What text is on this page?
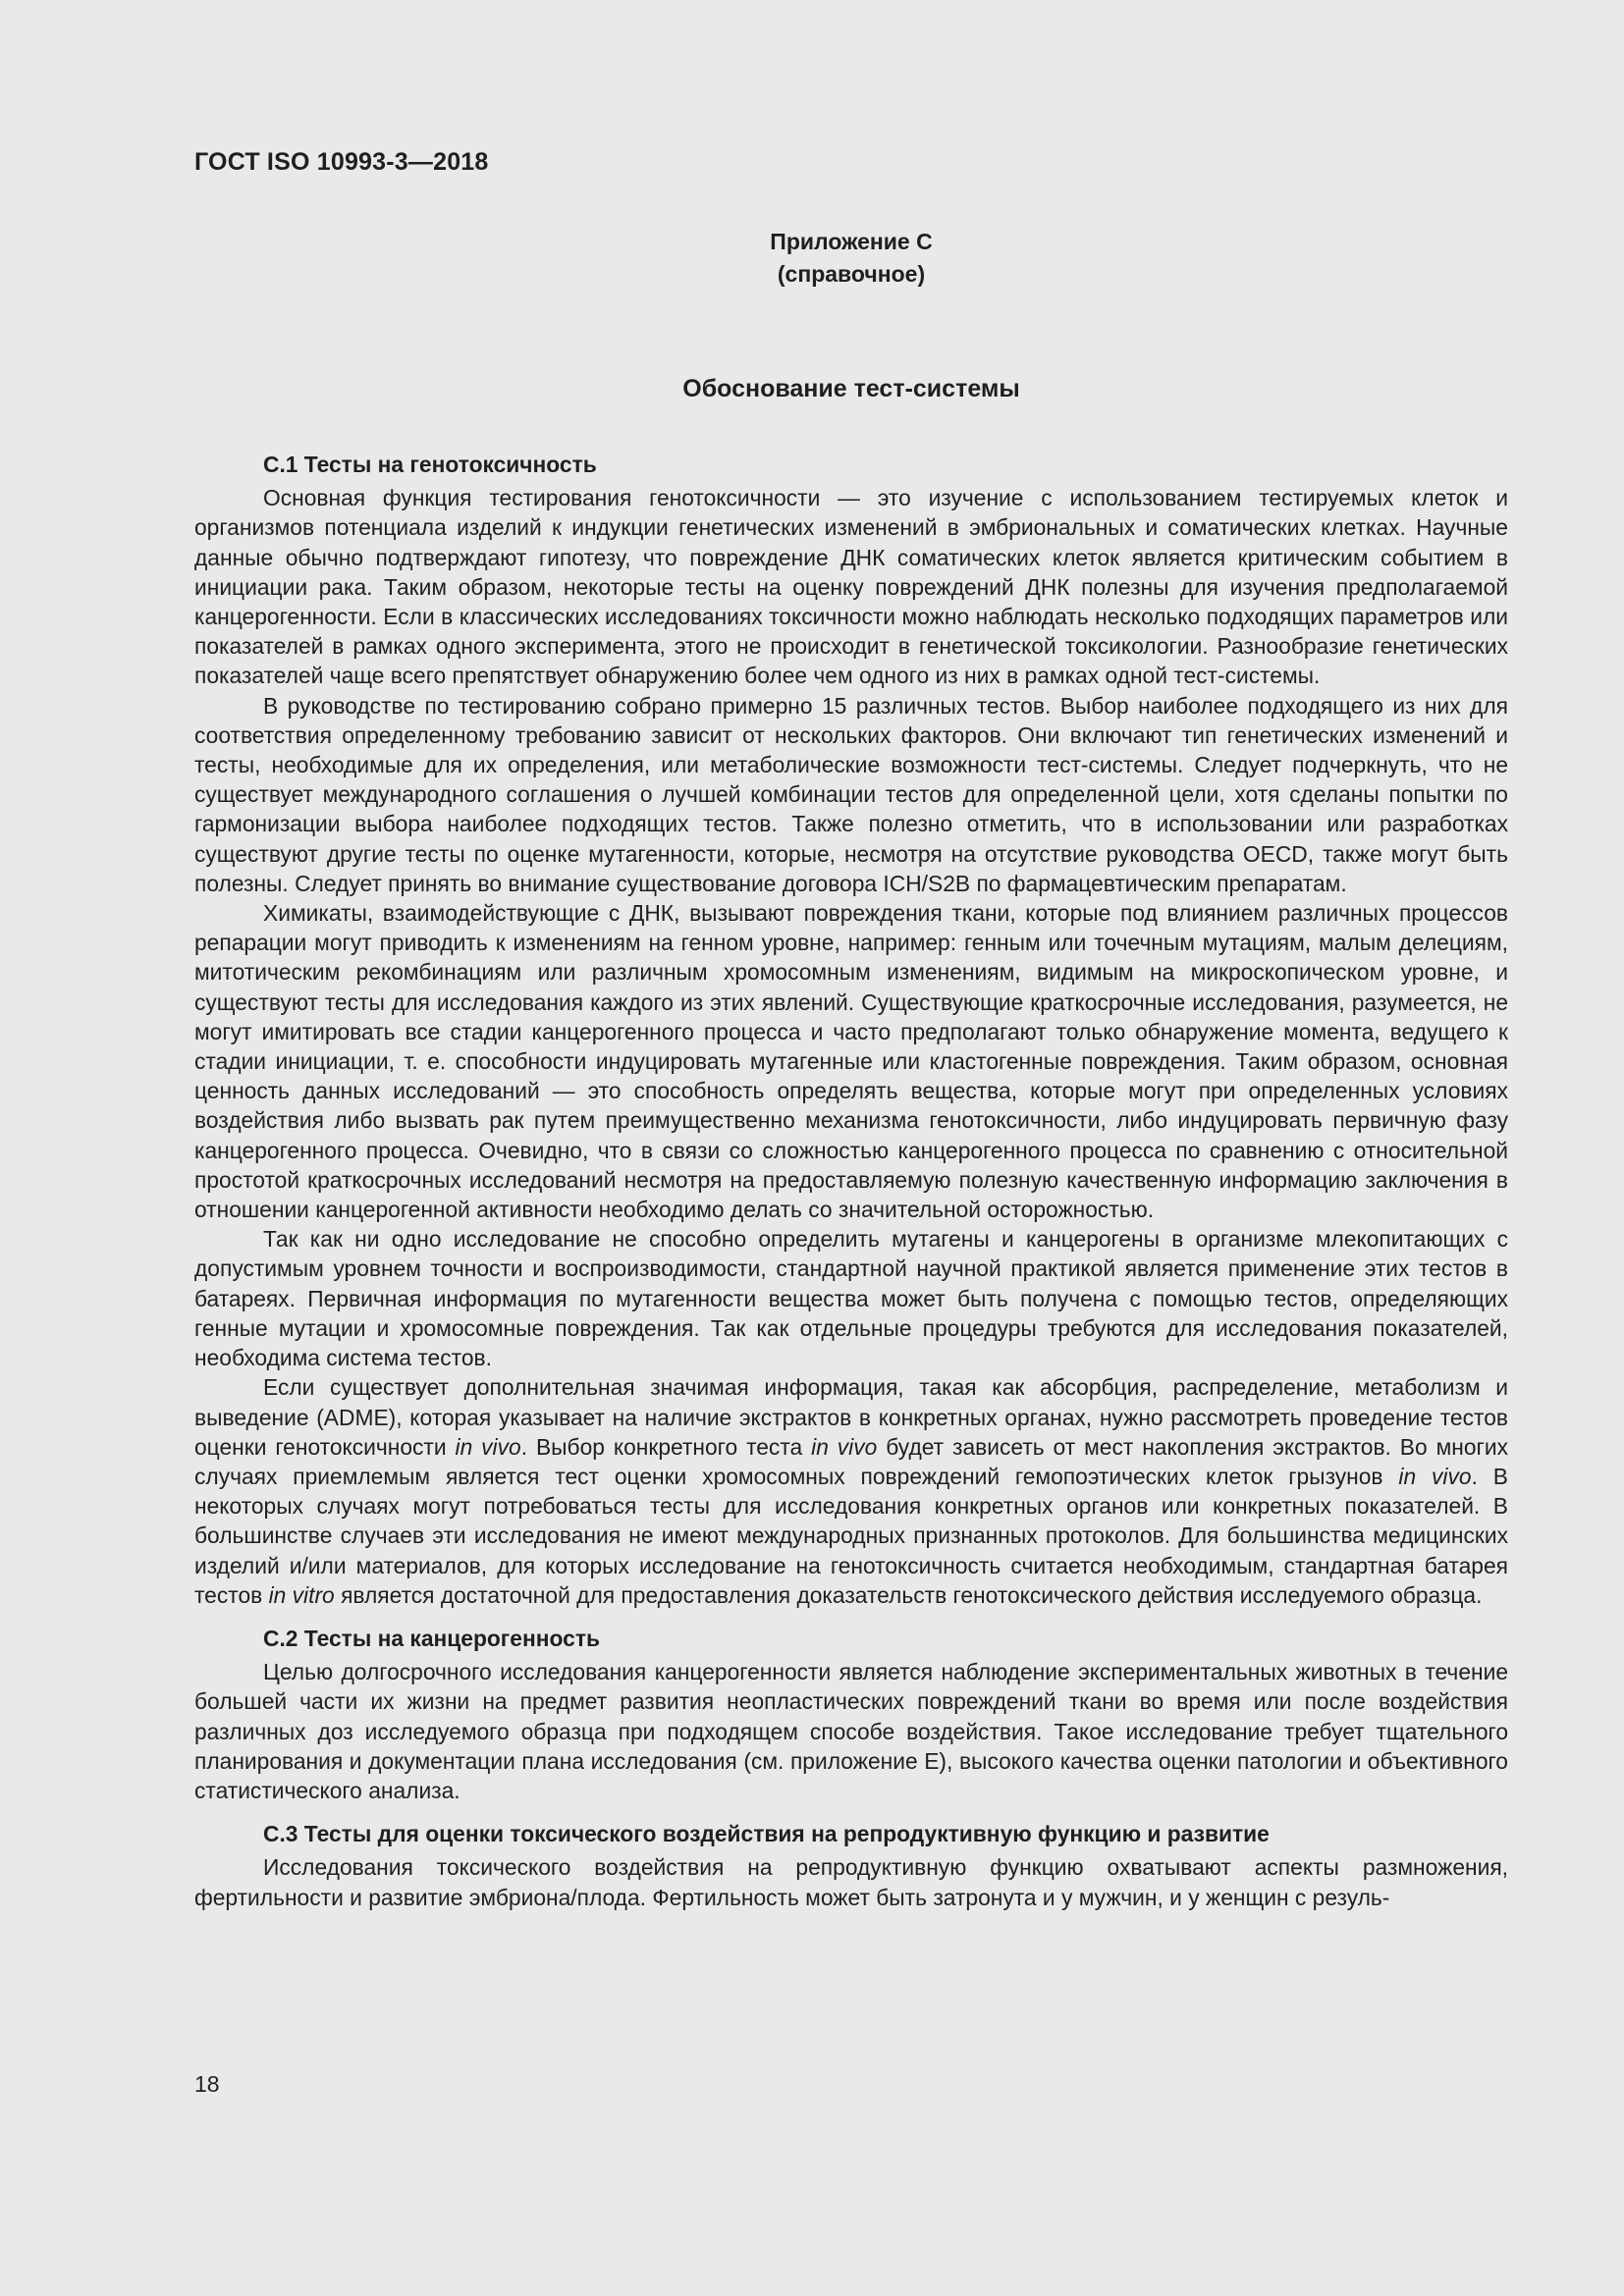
ГОСТ ISO 10993-3—2018
Приложение С
(справочное)
Обоснование тест-системы
С.1 Тесты на генотоксичность

Основная функция тестирования генотоксичности — это изучение с использованием тестируемых клеток и организмов потенциала изделий к индукции генетических изменений в эмбриональных и соматических клетках. Научные данные обычно подтверждают гипотезу, что повреждение ДНК соматических клеток является критическим событием в инициации рака. Таким образом, некоторые тесты на оценку повреждений ДНК полезны для изучения предполагаемой канцерогенности. Если в классических исследованиях токсичности можно наблюдать несколько подходящих параметров или показателей в рамках одного эксперимента, этого не происходит в генетической токсикологии. Разнообразие генетических показателей чаще всего препятствует обнаружению более чем одного из них в рамках одной тест-системы.

В руководстве по тестированию собрано примерно 15 различных тестов. Выбор наиболее подходящего из них для соответствия определенному требованию зависит от нескольких факторов. Они включают тип генетических изменений и тесты, необходимые для их определения, или метаболические возможности тест-системы. Следует подчеркнуть, что не существует международного соглашения о лучшей комбинации тестов для определенной цели, хотя сделаны попытки по гармонизации выбора наиболее подходящих тестов. Также полезно отметить, что в использовании или разработках существуют другие тесты по оценке мутагенности, которые, несмотря на отсутствие руководства OECD, также могут быть полезны. Следует принять во внимание существование договора ICH/S2B по фармацевтическим препаратам.

Химикаты, взаимодействующие с ДНК, вызывают повреждения ткани, которые под влиянием различных процессов репарации могут приводить к изменениям на генном уровне, например: генным или точечным мутациям, малым делециям, митотическим рекомбинациям или различным хромосомным изменениям, видимым на микроскопическом уровне, и существуют тесты для исследования каждого из этих явлений. Существующие краткосрочные исследования, разумеется, не могут имитировать все стадии канцерогенного процесса и часто предполагают только обнаружение момента, ведущего к стадии инициации, т. е. способности индуцировать мутагенные или кластогенные повреждения. Таким образом, основная ценность данных исследований — это способность определять вещества, которые могут при определенных условиях воздействия либо вызвать рак путем преимущественно механизма генотоксичности, либо индуцировать первичную фазу канцерогенного процесса. Очевидно, что в связи со сложностью канцерогенного процесса по сравнению с относительной простотой краткосрочных исследований несмотря на предоставляемую полезную качественную информацию заключения в отношении канцерогенной активности необходимо делать со значительной осторожностью.

Так как ни одно исследование не способно определить мутагены и канцерогены в организме млекопитающих с допустимым уровнем точности и воспроизводимости, стандартной научной практикой является применение этих тестов в батареях. Первичная информация по мутагенности вещества может быть получена с помощью тестов, определяющих генные мутации и хромосомные повреждения. Так как отдельные процедуры требуются для исследования показателей, необходима система тестов.

Если существует дополнительная значимая информация, такая как абсорбция, распределение, метаболизм и выведение (ADME), которая указывает на наличие экстрактов в конкретных органах, нужно рассмотреть проведение тестов оценки генотоксичности in vivo. Выбор конкретного теста in vivo будет зависеть от мест накопления экстрактов. Во многих случаях приемлемым является тест оценки хромосомных повреждений гемопоэтических клеток грызунов in vivo. В некоторых случаях могут потребоваться тесты для исследования конкретных органов или конкретных показателей. В большинстве случаев эти исследования не имеют международных признанных протоколов. Для большинства медицинских изделий и/или материалов, для которых исследование на генотоксичность считается необходимым, стандартная батарея тестов in vitro является достаточной для предоставления доказательств генотоксического действия исследуемого образца.

С.2 Тесты на канцерогенность

Целью долгосрочного исследования канцерогенности является наблюдение экспериментальных животных в течение большей части их жизни на предмет развития неопластических повреждений ткани во время или после воздействия различных доз исследуемого образца при подходящем способе воздействия. Такое исследование требует тщательного планирования и документации плана исследования (см. приложение Е), высокого качества оценки патологии и объективного статистического анализа.

С.3 Тесты для оценки токсического воздействия на репродуктивную функцию и развитие

Исследования токсического воздействия на репродуктивную функцию охватывают аспекты размножения, фертильности и развитие эмбриона/плода. Фертильность может быть затронута и у мужчин, и у женщин с резуль-

18
